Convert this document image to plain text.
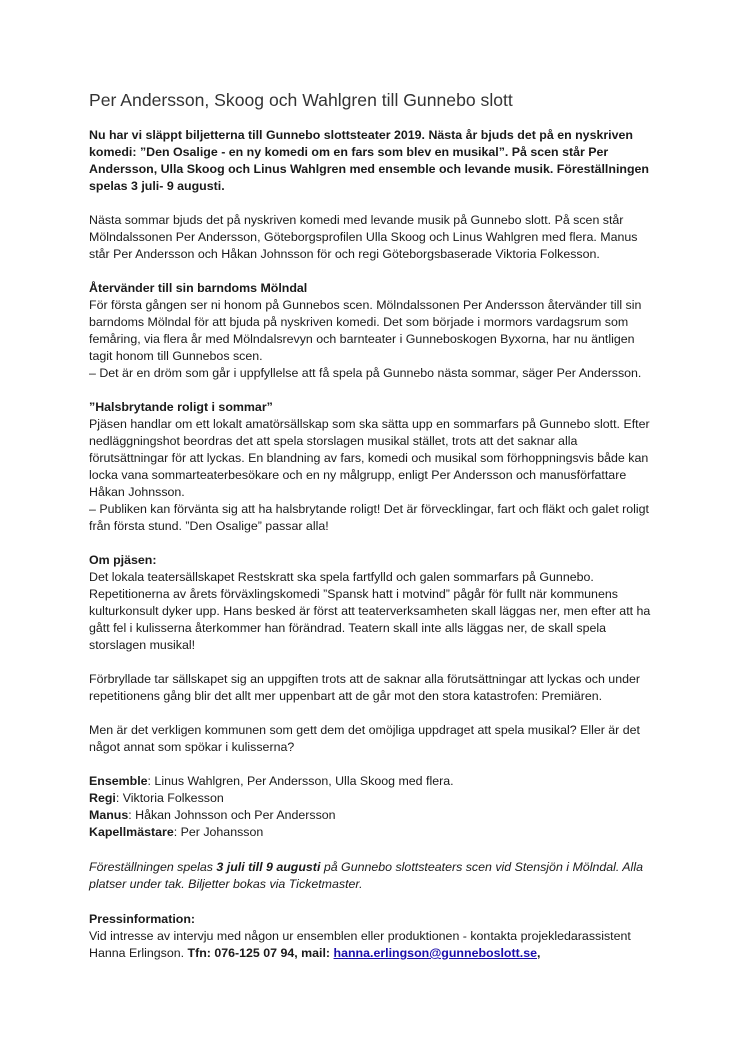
Per Andersson, Skoog och Wahlgren till Gunnebo slott

Nu har vi släppt biljetterna till Gunnebo slottsteater 2019. Nästa år bjuds det på en nyskriven komedi: ”Den Osalige - en ny komedi om en fars som blev en musikal”. På scen står Per Andersson, Ulla Skoog och Linus Wahlgren med ensemble och levande musik. Föreställningen spelas 3 juli- 9 augusti.

Nästa sommar bjuds det på nyskriven komedi med levande musik på Gunnebo slott. På scen står Mölndalssonen Per Andersson, Göteborgsprofilen Ulla Skoog och Linus Wahlgren med flera. Manus står Per Andersson och Håkan Johnsson för och regi Göteborgsbaserade Viktoria Folkesson.

Återvänder till sin barndoms Mölndal

För första gången ser ni honom på Gunnebos scen. Mölndalssonen Per Andersson återvänder till sin barndoms Mölndal för att bjuda på nyskriven komedi. Det som började i mormors vardagsrum som femåring, via flera år med Mölndalsrevyn och barnteater i Gunneboskogen Byxorna, har nu äntligen tagit honom till Gunnebos scen.

– Det är en dröm som går i uppfyllelse att få spela på Gunnebo nästa sommar, säger Per Andersson.

”Halsbrytande roligt i sommar”

Pjäsen handlar om ett lokalt amatörsällskap som ska sätta upp en sommarfars på Gunnebo slott. Efter nedläggningshot beordras det att spela storslagen musikal stället, trots att det saknar alla förutsättningar för att lyckas. En blandning av fars, komedi och musikal som förhoppningsvis både kan locka vana sommarteaterbesökare och en ny målgrupp, enligt Per Andersson och manusförfattare Håkan Johnsson.

– Publiken kan förvänta sig att ha halsbrytande roligt! Det är förvecklingar, fart och fläkt och galet roligt från första stund. ”Den Osalige” passar alla!

Om pjäsen:

Det lokala teatersällskapet Restskratt ska spela fartfylld och galen sommarfars på Gunnebo. Repetitionerna av årets förväxlingskomedi ”Spansk hatt i motvind” pågår för fullt när kommunens kulturkonsult dyker upp. Hans besked är först att teaterverksamheten skall läggas ner, men efter att ha gått fel i kulisserna återkommer han förändrad. Teatern skall inte alls läggas ner, de skall spela storslagen musikal!

Förbryllade tar sällskapet sig an uppgiften trots att de saknar alla förutsättningar att lyckas och under repetitionens gång blir det allt mer uppenbart att de går mot den stora katastrofen: Premiären.

Men är det verkligen kommunen som gett dem det omöjliga uppdraget att spela musikal? Eller är det något annat som spökar i kulisserna?

Ensemble: Linus Wahlgren, Per Andersson, Ulla Skoog med flera.

Regi: Viktoria Folkesson

Manus: Håkan Johnsson och Per Andersson

Kapellmästare: Per Johansson

Föreställningen spelas 3 juli till 9 augusti på Gunnebo slottsteaters scen vid Stensjön i Mölndal. Alla platser under tak. Biljetter bokas via Ticketmaster.

Pressinformation:

Vid intresse av intervju med någon ur ensemblen eller produktionen - kontakta projekledarassistent Hanna Erlingson. Tfn: 076-125 07 94, mail: hanna.erlingson@gunneboslott.se,
